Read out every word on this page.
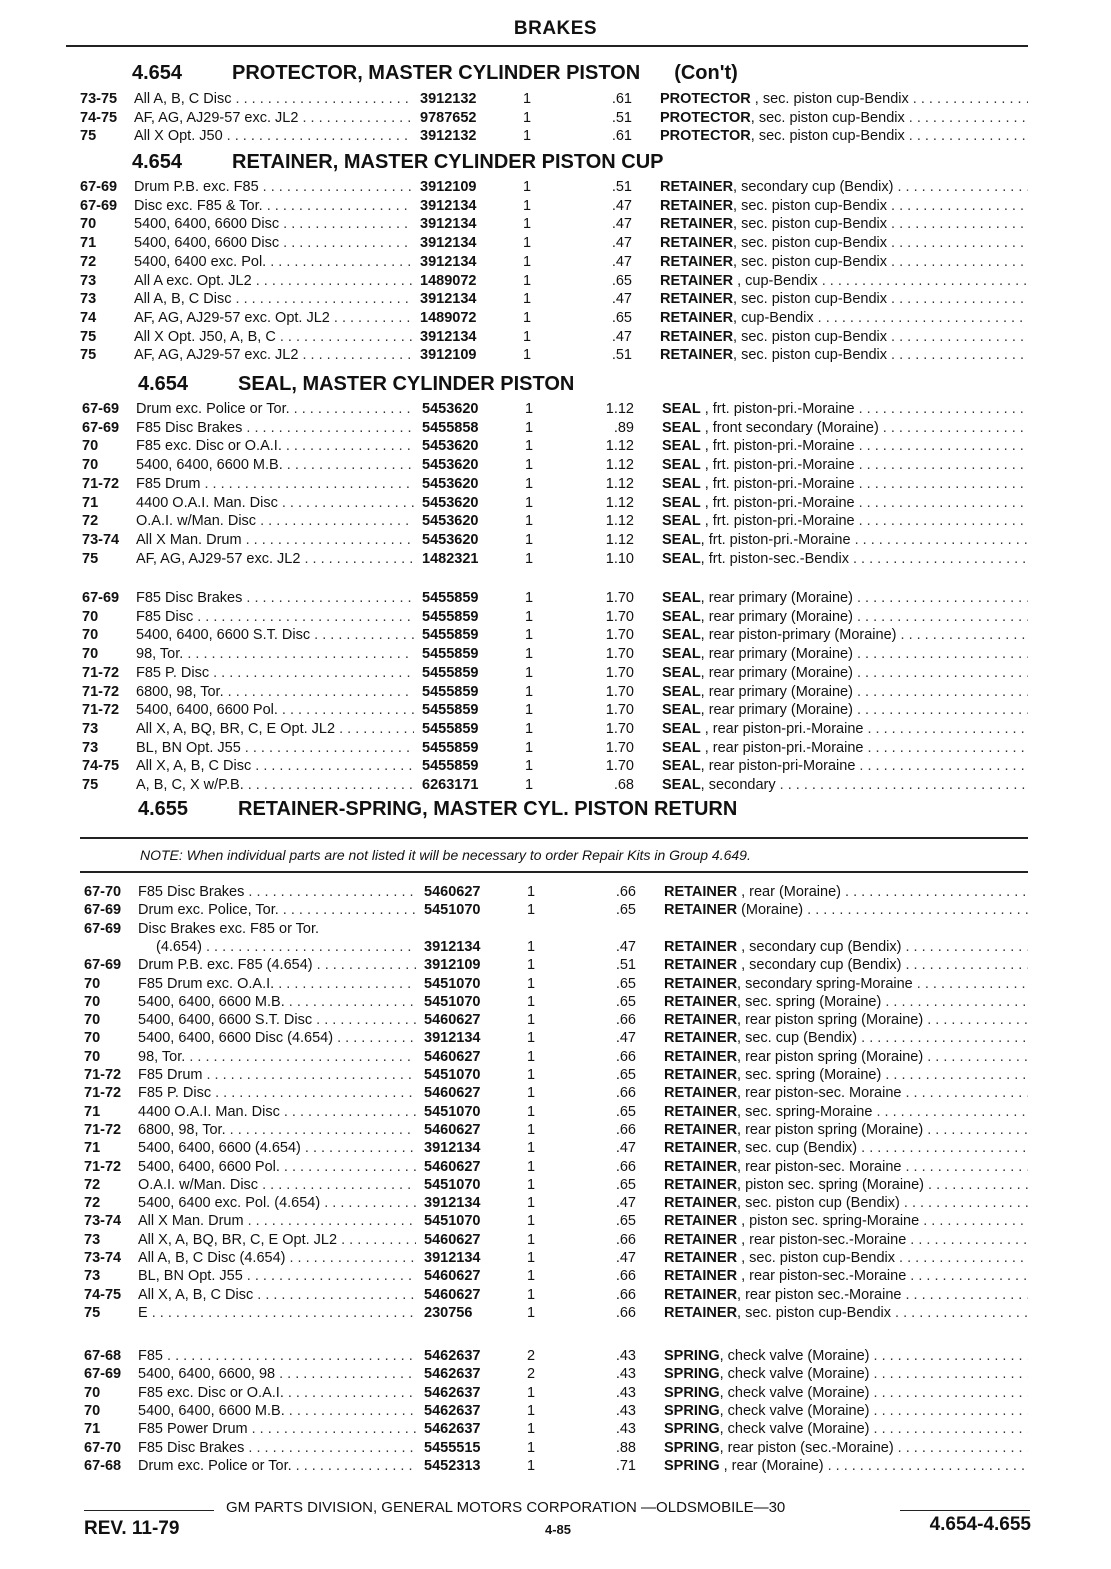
BRAKES
4.654 PROTECTOR, MASTER CYLINDER PISTON (Con't)
73-75 All A, B, C Disc . . .	3912132	1	.61 PROTECTOR , sec. piston cup-Bendix . . .
74-75 AF, AG, AJ29-57 exc. JL2 . . .	9787652	1	.51 PROTECTOR, sec. piston cup-Bendix . . .
75	All X Opt. J50 . . .	3912132	1	.61 PROTECTOR, sec. piston cup-Bendix . . .
4.654 RETAINER, MASTER CYLINDER PISTON CUP
67-69 Drum P.B. exc. F85 . . .	3912109	1	.51 RETAINER, secondary cup (Bendix) . . .
67-69 Disc exc. F85 & Tor. . . .	3912134	1	.47 RETAINER, sec. piston cup-Bendix . . .
70	5400, 6400, 6600 Disc . . .	3912134	1	.47 RETAINER, sec. piston cup-Bendix . . .
71	5400, 6400, 6600 Disc . . .	3912134	1	.47 RETAINER, sec. piston cup-Bendix . . .
72	5400, 6400 exc. Pol. . . .	3912134	1	.47 RETAINER, sec. piston cup-Bendix . . .
73	All A exc. Opt. JL2 . . .	1489072	1	.65 RETAINER , cup-Bendix . . .
73	All A, B, C Disc . . .	3912134	1	.47 RETAINER, sec. piston cup-Bendix . . .
74	AF, AG, AJ29-57 exc. Opt. JL2 . . .	1489072	1	.65 RETAINER, cup-Bendix . . .
75	All X Opt. J50, A, B, C . . .	3912134	1	.47 RETAINER, sec. piston cup-Bendix . . .
75	AF, AG, AJ29-57 exc. JL2 . . .	3912109	1	.51 RETAINER, sec. piston cup-Bendix . . .
4.654 SEAL, MASTER CYLINDER PISTON
67-69 Drum exc. Police or Tor. . . .	5453620	1	1.12 SEAL , frt. piston-pri.-Moraine . . .
67-69 F85 Disc Brakes . . .	5455858	1	.89 SEAL , front secondary (Moraine) . . .
70	F85 exc. Disc or O.A.I. . . .	5453620	1	1.12 SEAL , frt. piston-pri.-Moraine . . .
70	5400, 6400, 6600 M.B. . . .	5453620	1	1.12 SEAL , frt. piston-pri.-Moraine . . .
71-72 F85 Drum . . .	5453620	1	1.12 SEAL , frt. piston-pri.-Moraine . . .
71	4400 O.A.I. Man. Disc . . .	5453620	1	1.12 SEAL , frt. piston-pri.-Moraine . . .
72	O.A.I. w/Man. Disc . . .	5453620	1	1.12 SEAL , frt. piston-pri.-Moraine . . .
73-74 All X Man. Drum . . .	5453620	1	1.12 SEAL, frt. piston-pri.-Moraine . . .
75	AF, AG, AJ29-57 exc. JL2 . . .	1482321	1	1.10 SEAL, frt. piston-sec.-Bendix . . .
67-69 F85 Disc Brakes . . .	5455859	1	1.70 SEAL, rear primary (Moraine) . . .
70	F85 Disc . . .	5455859	1	1.70 SEAL, rear primary (Moraine) . . .
70	5400, 6400, 6600 S.T. Disc . . .	5455859	1	1.70 SEAL, rear piston-primary (Moraine) . . .
70	98, Tor. . . .	5455859	1	1.70 SEAL, rear primary (Moraine) . . .
71-72 F85 P. Disc . . .	5455859	1	1.70 SEAL, rear primary (Moraine) . . .
71-72 6800, 98, Tor. . . .	5455859	1	1.70 SEAL, rear primary (Moraine) . . .
71-72 5400, 6400, 6600 Pol. . . .	5455859	1	1.70 SEAL, rear primary (Moraine) . . .
73	All X, A, BQ, BR, C, E Opt. JL2 . . .	5455859	1	1.70 SEAL , rear piston-pri.-Moraine . . .
73	BL, BN Opt. J55 . . .	5455859	1	1.70 SEAL , rear piston-pri.-Moraine . . .
74-75 All X, A, B, C Disc . . .	5455859	1	1.70 SEAL, rear piston-pri-Moraine . . .
75	A, B, C, X w/P.B. . . .	6263171	1	.68 SEAL, secondary . . .
4.655 RETAINER-SPRING, MASTER CYL. PISTON RETURN
NOTE: When individual parts are not listed it will be necessary to order Repair Kits in Group 4.649.
67-70 F85 Disc Brakes . . .	5460627	1	.66 RETAINER , rear (Moraine) . . .
67-69 Drum exc. Police, Tor. . . .	5451070	1	.65 RETAINER (Moraine) . . .
67-69 Disc Brakes exc. F85 or Tor.
(4.654) . . .	3912134	1	.47 RETAINER , secondary cup (Bendix) . . .
67-69 Drum P.B. exc. F85 (4.654) . . .	3912109	1	.51 RETAINER , secondary cup (Bendix) . . .
70	F85 Drum exc. O.A.I. . . .	5451070	1	.65 RETAINER, secondary spring-Moraine . . .
70	5400, 6400, 6600 M.B. . . .	5451070	1	.65 RETAINER, sec. spring (Moraine) . . .
70	5400, 6400, 6600 S.T. Disc . . .	5460627	1	.66 RETAINER, rear piston spring (Moraine) . . .
70	5400, 6400, 6600 Disc (4.654) . . .	3912134	1	.47 RETAINER, sec. cup (Bendix) . . .
70	98, Tor. . . .	5460627	1	.66 RETAINER, rear piston spring (Moraine) . . .
71-72 F85 Drum . . .	5451070	1	.65 RETAINER, sec. spring (Moraine) . . .
71-72 F85 P. Disc . . .	5460627	1	.66 RETAINER, rear piston-sec. Moraine . . .
71	4400 O.A.I. Man. Disc . . .	5451070	1	.65 RETAINER, sec. spring-Moraine . . .
71-72 6800, 98, Tor. . . .	5460627	1	.66 RETAINER, rear piston spring (Moraine) . . .
71	5400, 6400, 6600 (4.654) . . .	3912134	1	.47 RETAINER, sec. cup (Bendix) . . .
71-72 5400, 6400, 6600 Pol. . . .	5460627	1	.66 RETAINER, rear piston-sec. Moraine . . .
72	O.A.I. w/Man. Disc . . .	5451070	1	.65 RETAINER, piston sec. spring (Moraine) . . .
72	5400, 6400 exc. Pol. (4.654) . . .	3912134	1	.47 RETAINER, sec. piston cup (Bendix) . . .
73-74 All X Man. Drum . . .	5451070	1	.65 RETAINER , piston sec. spring-Moraine . . .
73	All X, A, BQ, BR, C, E Opt. JL2 . . .	5460627	1	.66 RETAINER , rear piston-sec.-Moraine . . .
73-74 All A, B, C Disc (4.654) . . .	3912134	1	.47 RETAINER , sec. piston cup-Bendix . . .
73	BL, BN Opt. J55 . . .	5460627	1	.66 RETAINER , rear piston-sec.-Moraine . . .
74-75 All X, A, B, C Disc . . .	5460627	1	.66 RETAINER, rear piston sec.-Moraine . . .
75	E . . .	230756	1	.66 RETAINER, sec. piston cup-Bendix . . .
67-68 F85 . . .	5462637	2	.43 SPRING, check valve (Moraine) . . .
67-69 5400, 6400, 6600, 98 . . .	5462637	2	.43 SPRING, check valve (Moraine) . . .
70	F85 exc. Disc or O.A.I. . . .	5462637	1	.43 SPRING, check valve (Moraine) . . .
70	5400, 6400, 6600 M.B. . . .	5462637	1	.43 SPRING, check valve (Moraine) . . .
71	F85 Power Drum . . .	5462637	1	.43 SPRING, check valve (Moraine) . . .
67-70 F85 Disc Brakes . . .	5455515	1	.88 SPRING, rear piston (sec.-Moraine) . . .
67-68 Drum exc. Police or Tor. . . .	5452313	1	.71 SPRING , rear (Moraine) . . .
GM PARTS DIVISION, GENERAL MOTORS CORPORATION —OLDSMOBILE—30
REV. 11-79	4-85	4.654-4.655
